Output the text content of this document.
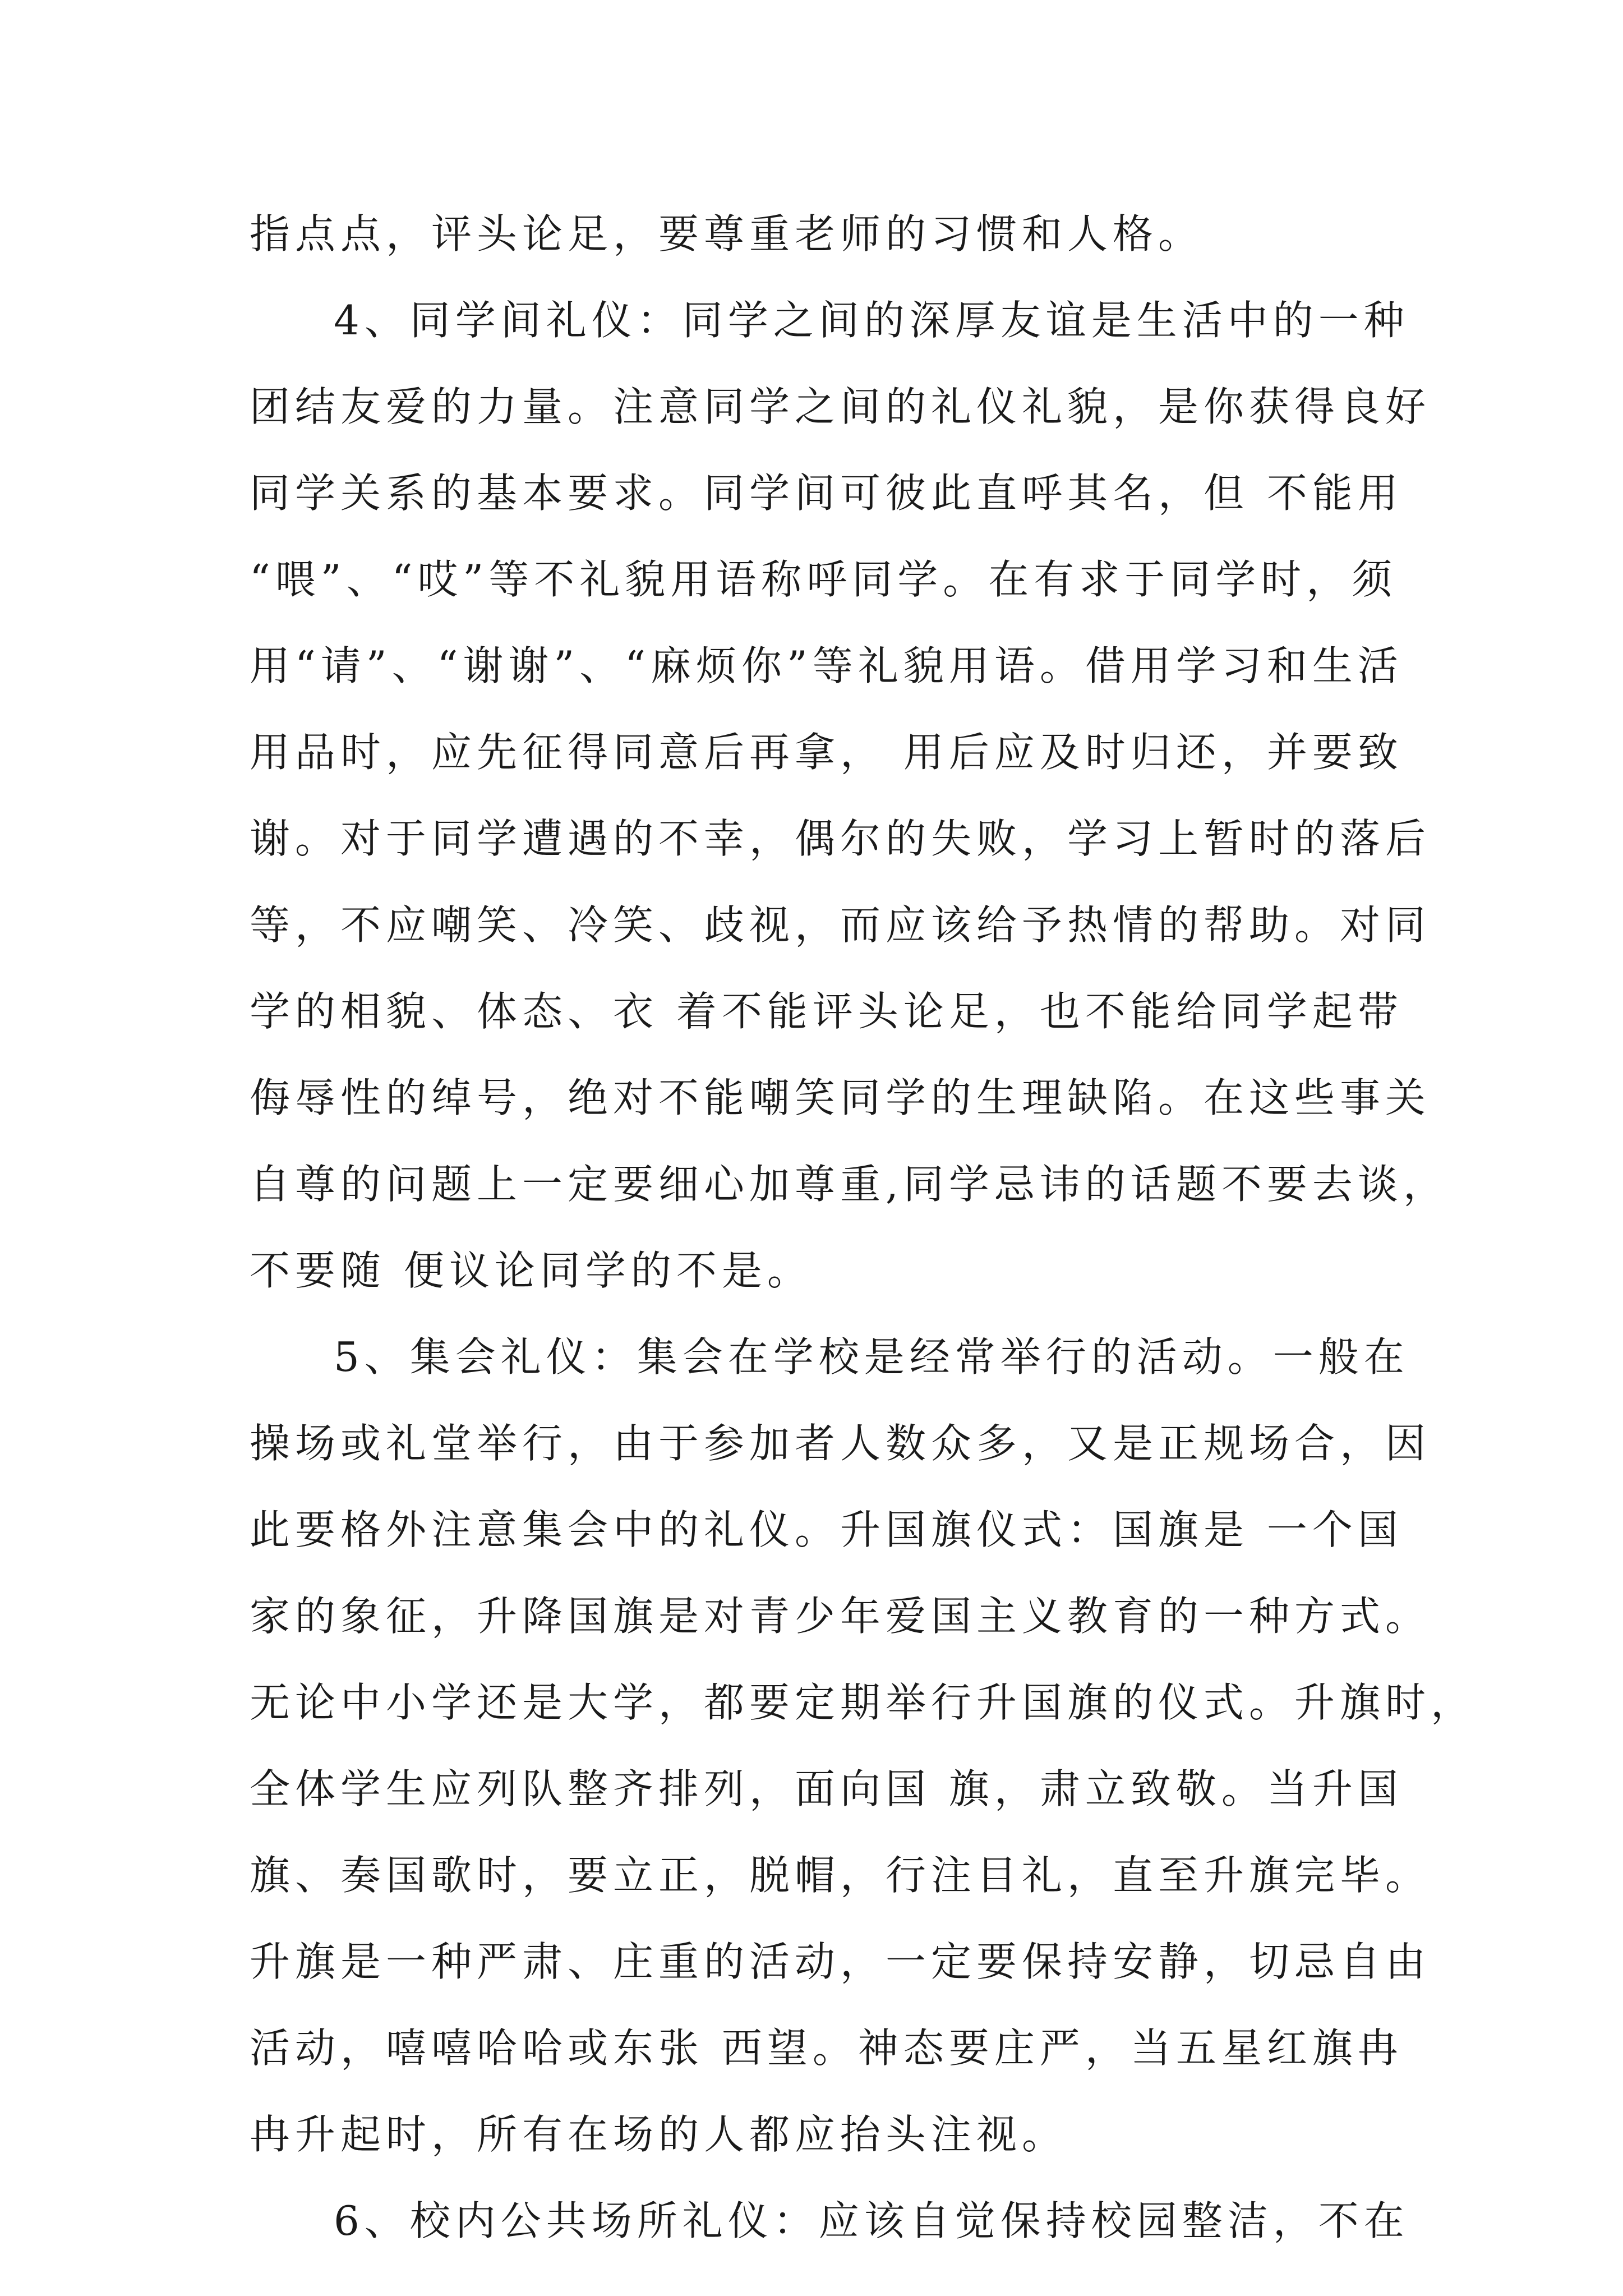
指点点，评头论足，要尊重老师的习惯和人格。
4、同学间礼仪：同学之间的深厚友谊是生活中的一种
团结友爱的力量。注意同学之间的礼仪礼貌，是你获得良好
同学关系的基本要求。同学间可彼此直呼其名，但 不能用
“喂”、“哎”等不礼貌用语称呼同学。在有求于同学时，须
用“请”、“谢谢”、“麻烦你”等礼貌用语。借用学习和生活
用品时，应先征得同意后再拿， 用后应及时归还，并要致
谢。对于同学遭遇的不幸，偶尔的失败，学习上暂时的落后
等，不应嘲笑、冷笑、歧视，而应该给予热情的帮助。对同
学的相貌、体态、衣 着不能评头论足，也不能给同学起带
侮辱性的绰号，绝对不能嘲笑同学的生理缺陷。在这些事关
自尊的问题上一定要细心加尊重,同学忌讳的话题不要去谈，
不要随 便议论同学的不是。
5、集会礼仪：集会在学校是经常举行的活动。一般在
操场或礼堂举行，由于参加者人数众多，又是正规场合，因
此要格外注意集会中的礼仪。升国旗仪式：国旗是 一个国
家的象征，升降国旗是对青少年爱国主义教育的一种方式。
无论中小学还是大学，都要定期举行升国旗的仪式。升旗时，
全体学生应列队整齐排列，面向国 旗，肃立致敬。当升国
旗、奏国歌时，要立正，脱帽，行注目礼，直至升旗完毕。
升旗是一种严肃、庄重的活动，一定要保持安静，切忌自由
活动，嘻嘻哈哈或东张 西望。神态要庄严，当五星红旗冉
冉升起时，所有在场的人都应抬头注视。
6、校内公共场所礼仪：应该自觉保持校园整洁，不在
